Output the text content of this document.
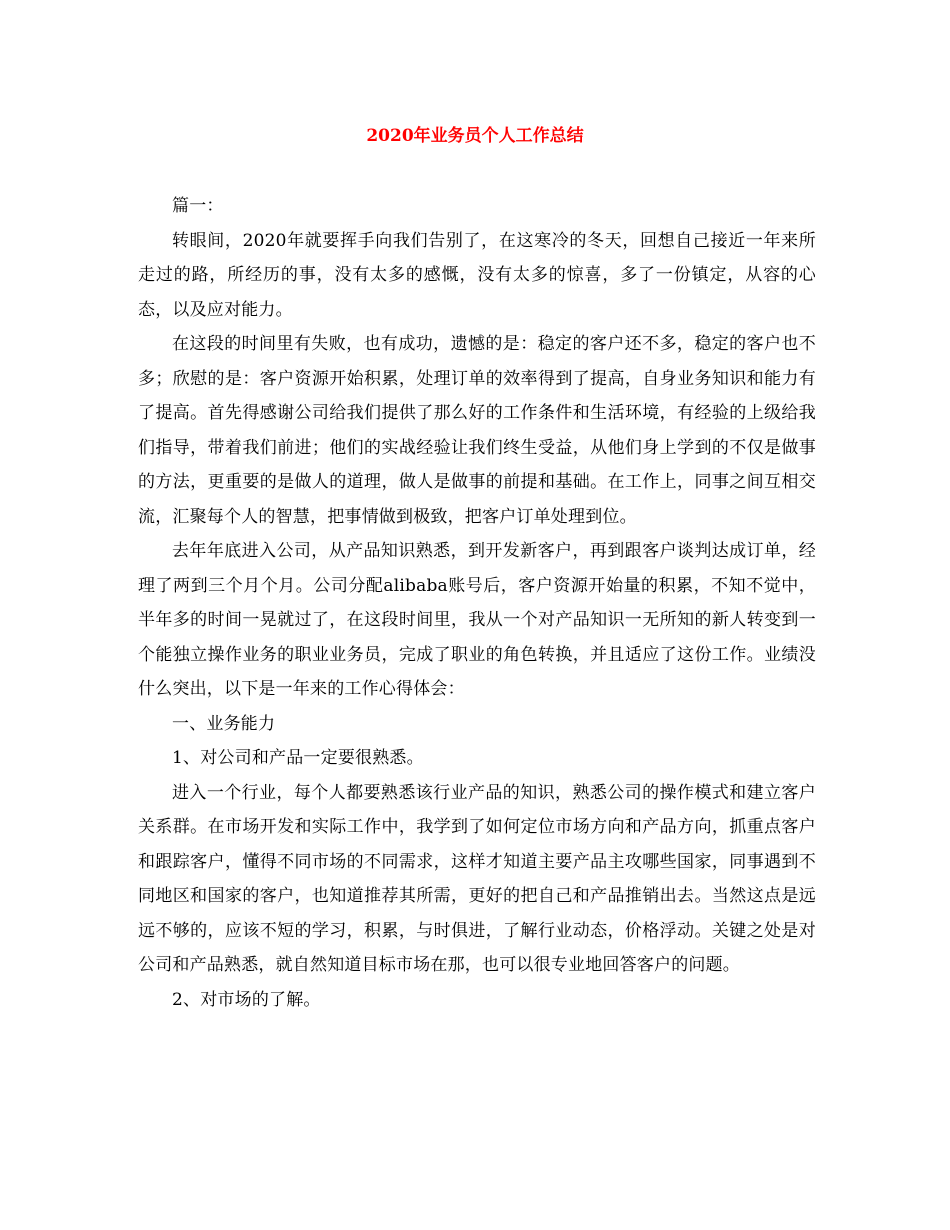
2020年业务员个人工作总结

篇一：

转眼间，2020年就要挥手向我们告别了，在这寒冷的冬天，回想自己接近一年来所走过的路，所经历的事，没有太多的感慨，没有太多的惊喜，多了一份镇定，从容的心态，以及应对能力。

在这段的时间里有失败，也有成功，遗憾的是：稳定的客户还不多，稳定的客户也不多；欣慰的是：客户资源开始积累，处理订单的效率得到了提高，自身业务知识和能力有了提高。首先得感谢公司给我们提供了那么好的工作条件和生活环境，有经验的上级给我们指导，带着我们前进；他们的实战经验让我们终生受益，从他们身上学到的不仅是做事的方法，更重要的是做人的道理，做人是做事的前提和基础。在工作上，同事之间互相交流，汇聚每个人的智慧，把事情做到极致，把客户订单处理到位。

去年年底进入公司，从产品知识熟悉，到开发新客户，再到跟客户谈判达成订单，经理了两到三个月个月。公司分配alibaba账号后，客户资源开始量的积累，不知不觉中，半年多的时间一晃就过了，在这段时间里，我从一个对产品知识一无所知的新人转变到一个能独立操作业务的职业业务员，完成了职业的角色转换，并且适应了这份工作。业绩没什么突出，以下是一年来的工作心得体会：

一、业务能力

1、对公司和产品一定要很熟悉。

进入一个行业，每个人都要熟悉该行业产品的知识，熟悉公司的操作模式和建立客户关系群。在市场开发和实际工作中，我学到了如何定位市场方向和产品方向，抓重点客户和跟踪客户，懂得不同市场的不同需求，这样才知道主要产品主攻哪些国家，同事遇到不同地区和国家的客户，也知道推荐其所需，更好的把自己和产品推销出去。当然这点是远远不够的，应该不短的学习，积累，与时俱进，了解行业动态，价格浮动。关键之处是对公司和产品熟悉，就自然知道目标市场在那，也可以很专业地回答客户的问题。

2、对市场的了解。
